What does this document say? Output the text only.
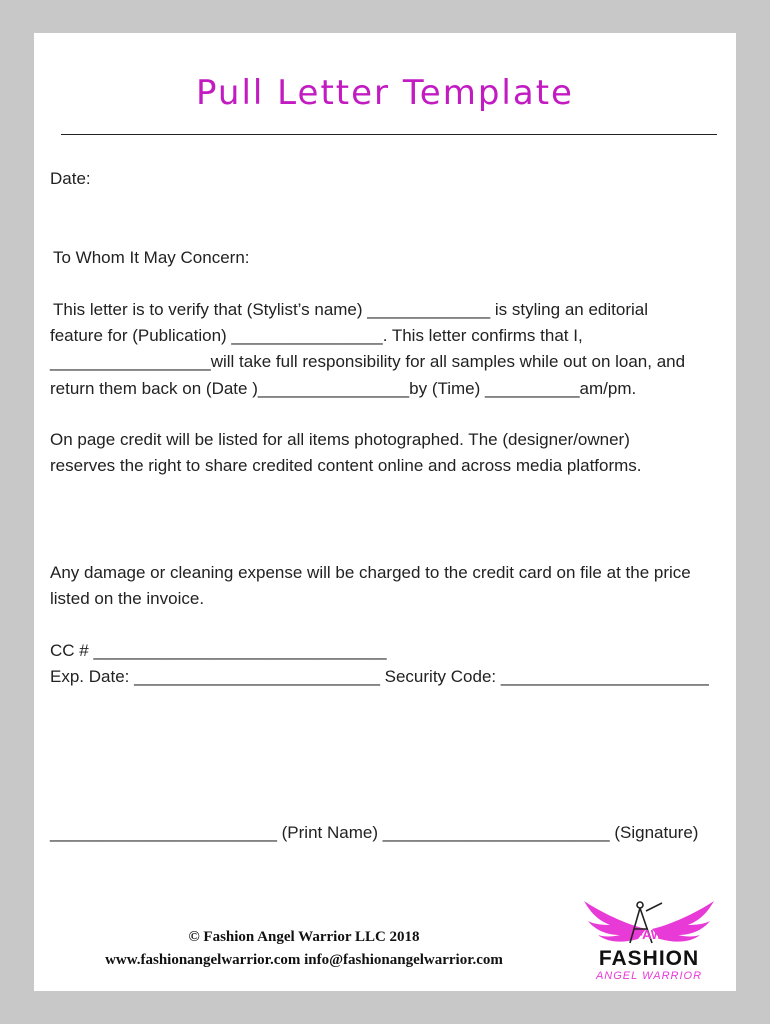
Pull Letter Template
Date:
To Whom It May Concern:
This letter is to verify that (Stylist’s name) _____________ is styling an editorial
feature for (Publication) ________________. This letter confirms that I,
_________________will take full responsibility for all samples while out on loan, and
return them back on (Date )________________by (Time) __________am/pm.
On page credit will be listed for all items photographed. The (designer/owner)
reserves the right to share credited content online and across media platforms.
Any damage or cleaning expense will be charged to the credit card on file at the price
listed on the invoice.
CC # _______________________________
Exp. Date: __________________________ Security Code: ______________________
________________________ (Print Name) ________________________ (Signature)
© Fashion Angel Warrior LLC 2018
www.fashionangelwarrior.com info@fashionangelwarrior.com
FAW
FASHION
ANGEL WARRIOR
